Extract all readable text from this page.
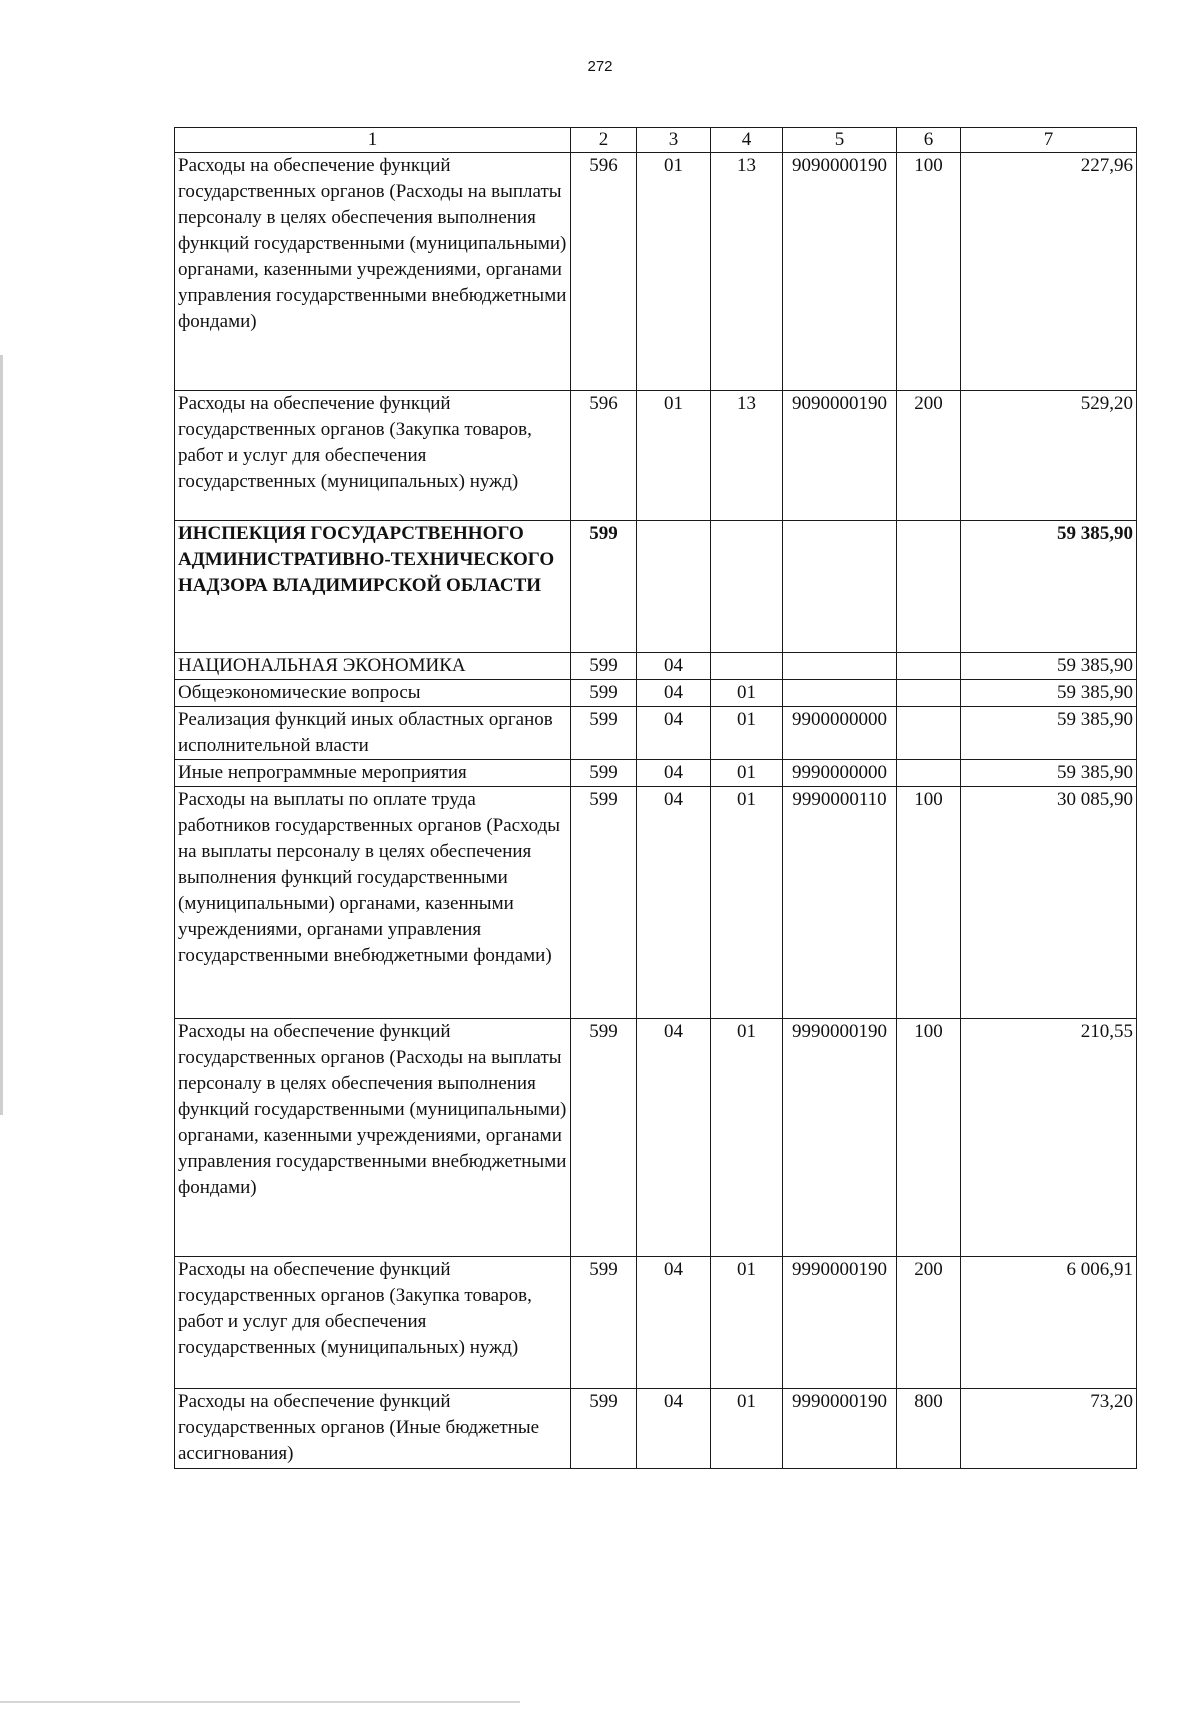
272
1	2	3	4	5	6	7
Расходы на обеспечение функций государственных органов (Расходы на выплаты персоналу в целях обеспечения выполнения функций государственными (муниципальными) органами, казенными учреждениями, органами управления государственными внебюджетными фондами)	596	01	13	9090000190	100	227,96
Расходы на обеспечение функций государственных органов (Закупка товаров, работ и услуг для обеспечения государственных (муниципальных) нужд)	596	01	13	9090000190	200	529,20
ИНСПЕКЦИЯ ГОСУДАРСТВЕННОГО АДМИНИСТРАТИВНО-ТЕХНИЧЕСКОГО НАДЗОРА ВЛАДИМИРСКОЙ ОБЛАСТИ	599					59 385,90
НАЦИОНАЛЬНАЯ ЭКОНОМИКА	599	04				59 385,90
Общеэкономические вопросы	599	04	01			59 385,90
Реализация функций иных областных органов исполнительной власти	599	04	01	9900000000		59 385,90
Иные непрограммные мероприятия	599	04	01	9990000000		59 385,90
Расходы на выплаты по оплате труда работников государственных органов (Расходы на выплаты персоналу в целях обеспечения выполнения функций государственными (муниципальными) органами, казенными учреждениями, органами управления государственными внебюджетными фондами)	599	04	01	9990000110	100	30 085,90
Расходы на обеспечение функций государственных органов (Расходы на выплаты персоналу в целях обеспечения выполнения функций государственными (муниципальными) органами, казенными учреждениями, органами управления государственными внебюджетными фондами)	599	04	01	9990000190	100	210,55
Расходы на обеспечение функций государственных органов (Закупка товаров, работ и услуг для обеспечения государственных (муниципальных) нужд)	599	04	01	9990000190	200	6 006,91
Расходы на обеспечение функций государственных органов (Иные бюджетные ассигнования)	599	04	01	9990000190	800	73,20
